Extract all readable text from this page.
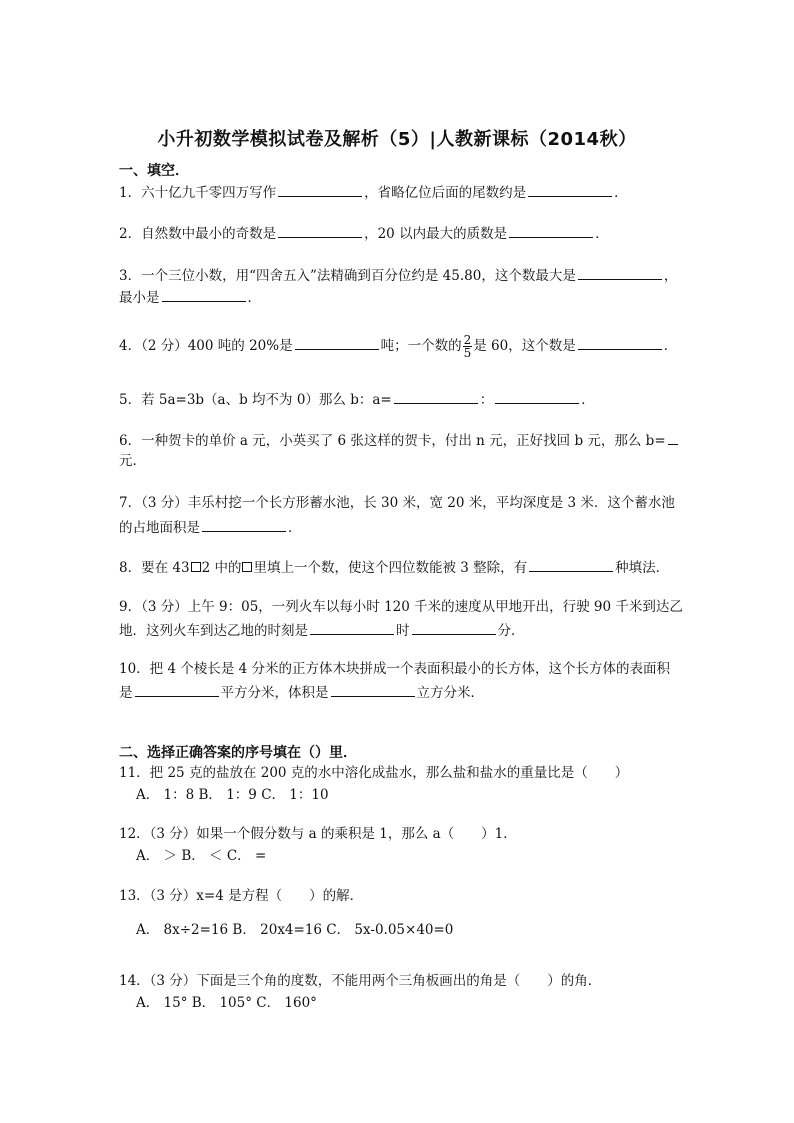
小升初数学模拟试卷及解析（5）|人教新课标（2014秋）
一、填空．
1．六十亿九千零四万写作	，省略亿位后面的尾数约是	．
2．自然数中最小的奇数是	，20 以内最大的质数是	．
3．一个三位小数，用“四舍五入”法精确到百分位约是 45.80，这个数最大是	，
最小是	．
4．（2 分）400 吨的 20%是	吨；一个数的 $\frac{2}{5}$ 是 60，这个数是	．
5．若 5a=3b（a、b 均不为 0）那么 b：a=	：	．
6．一种贺卡的单价 a 元，小英买了 6 张这样的贺卡，付出 n 元，正好找回 b 元，那么 b=
元．
7．（3 分）丰乐村挖一个长方形蓄水池，长 30 米，宽 20 米，平均深度是 3 米．这个蓄水池
的占地面积是	．
8．要在 43 2 中的 里填上一个数，使这个四位数能被 3 整除，有	种填法．
9．（3 分）上午 9：05，一列火车以每小时 120 千米的速度从甲地开出，行驶 90 千米到达乙
地．这列火车到达乙地的时刻是	时	分．
10．把 4 个棱长是 4 分米的正方体木块拼成一个表面积最小的长方体，这个长方体的表面积
是	平方分米，体积是	立方分米．
二、选择正确答案的序号填在（）里．
11．把 25 克的盐放在 200 克的水中溶化成盐水，那么盐和盐水的重量比是（　　）
A． 1：8 B． 1：9 C． 1：10
12．（3 分）如果一个假分数与 a 的乘积是 1，那么 a（　　）1．
A． ＞ B． ＜ C． =
13．（3 分）x=4 是方程（　　）的解．
A． 8x÷2=16 B． 20x4=16 C． 5x-0.05×40=0
14．（3 分）下面是三个角的度数，不能用两个三角板画出的角是（　　）的角．
A． 15° B． 105° C． 160°
